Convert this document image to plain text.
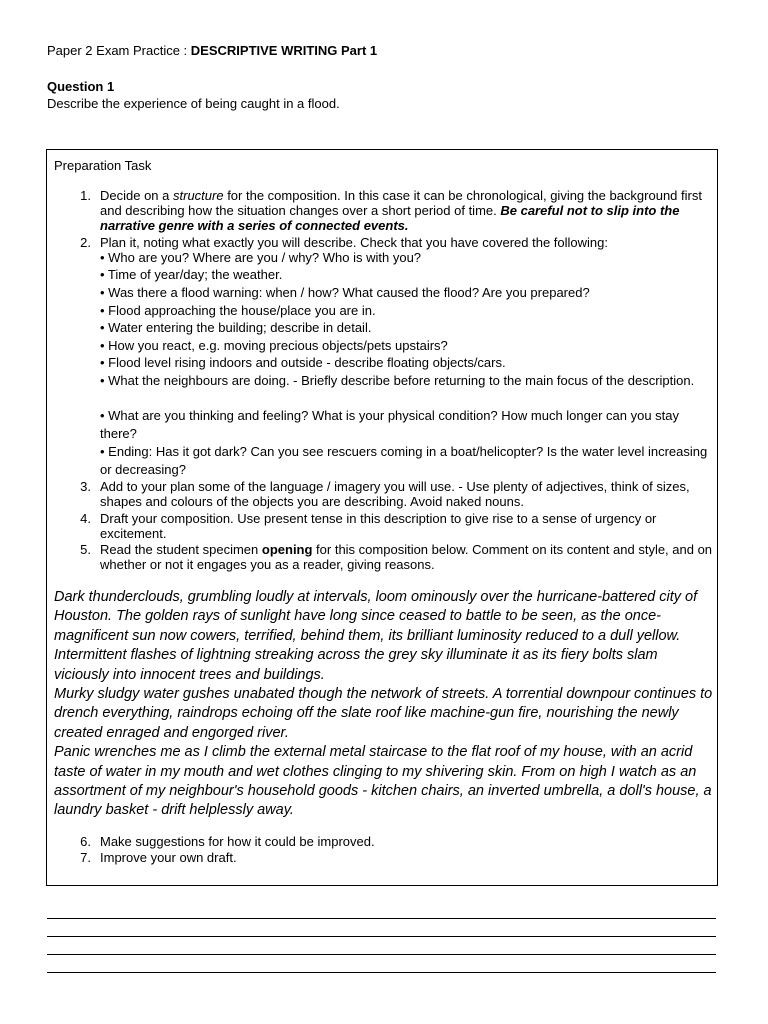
Paper 2 Exam Practice : DESCRIPTIVE WRITING Part 1
Question 1
Describe the experience of being caught in a flood.
Preparation Task
1. Decide on a structure for the composition. In this case it can be chronological, giving the background first and describing how the situation changes over a short period of time. Be careful not to slip into the narrative genre with a series of connected events.
2. Plan it, noting what exactly you will describe. Check that you have covered the following:
• Who are you? Where are you / why? Who is with you?
• Time of year/day; the weather.
• Was there a flood warning: when / how? What caused the flood? Are you prepared?
• Flood approaching the house/place you are in.
• Water entering the building; describe in detail.
• How you react, e.g. moving precious objects/pets upstairs?
• Flood level rising indoors and outside - describe floating objects/cars.
• What the neighbours are doing. - Briefly describe before returning to the main focus of the description.
• What are you thinking and feeling? What is your physical condition? How much longer can you stay there?
• Ending: Has it got dark? Can you see rescuers coming in a boat/helicopter? Is the water level increasing or decreasing?
3. Add to your plan some of the language / imagery you will use. - Use plenty of adjectives, think of sizes, shapes and colours of the objects you are describing. Avoid naked nouns.
4. Draft your composition. Use present tense in this description to give rise to a sense of urgency or excitement.
5. Read the student specimen opening for this composition below. Comment on its content and style, and on whether or not it engages you as a reader, giving reasons.

Dark thunderclouds, grumbling loudly at intervals, loom ominously over the hurricane-battered city of Houston. The golden rays of sunlight have long since ceased to battle to be seen, as the once-magnificent sun now cowers, terrified, behind them, its brilliant luminosity reduced to a dull yellow. Intermittent flashes of lightning streaking across the grey sky illuminate it as its fiery bolts slam viciously into innocent trees and buildings.

Murky sludgy water gushes unabated though the network of streets. A torrential downpour continues to drench everything, raindrops echoing off the slate roof like machine-gun fire, nourishing the newly created enraged and engorged river.

Panic wrenches me as I climb the external metal staircase to the flat roof of my house, with an acrid taste of water in my mouth and wet clothes clinging to my shivering skin. From on high I watch as an assortment of my neighbour's household goods - kitchen chairs, an inverted umbrella, a doll's house, a laundry basket - drift helplessly away.

6. Make suggestions for how it could be improved.
7. Improve your own draft.
